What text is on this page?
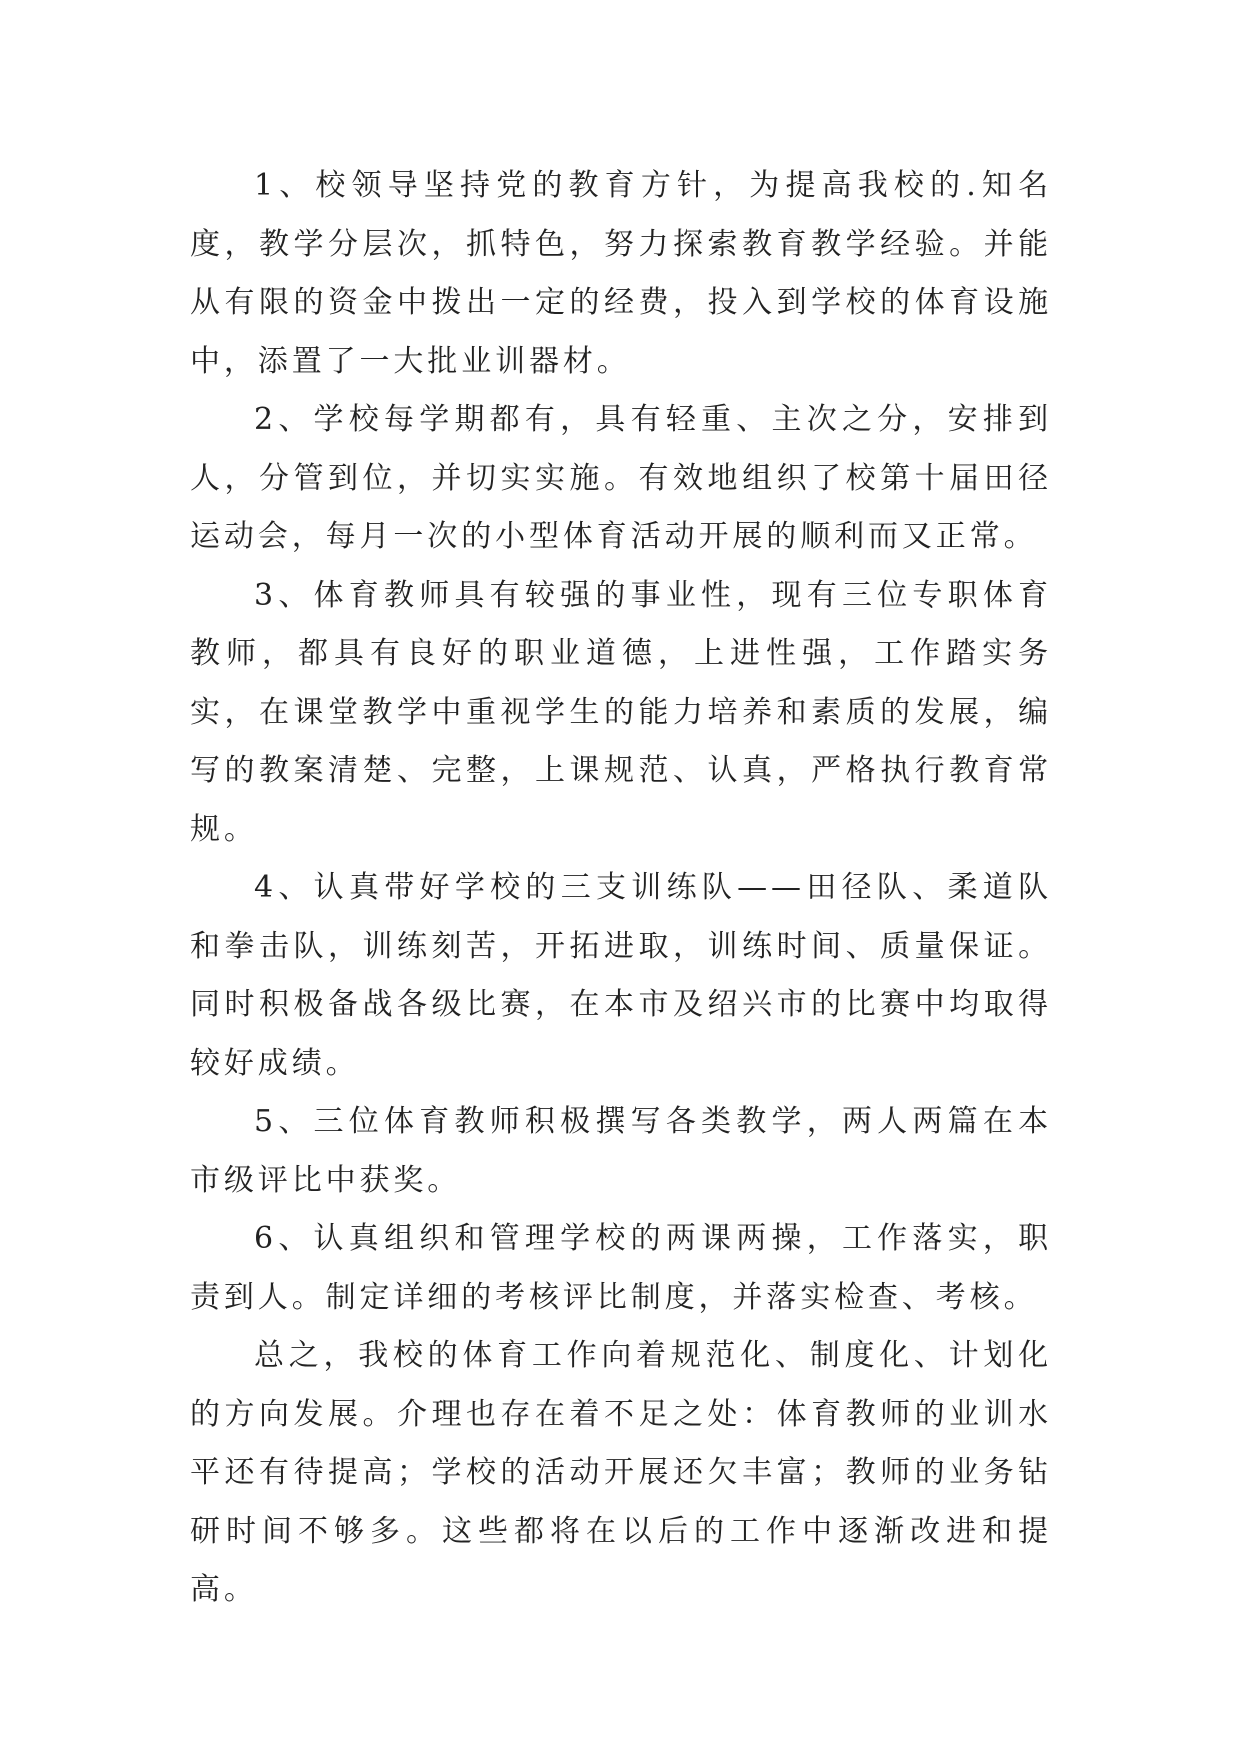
1、校领导坚持党的教育方针，为提高我校的.知名度，教学分层次，抓特色，努力探索教育教学经验。并能从有限的资金中拨出一定的经费，投入到学校的体育设施中，添置了一大批业训器材。

2、学校每学期都有，具有轻重、主次之分，安排到人，分管到位，并切实实施。有效地组织了校第十届田径运动会，每月一次的小型体育活动开展的顺利而又正常。

3、体育教师具有较强的事业性，现有三位专职体育教师，都具有良好的职业道德，上进性强，工作踏实务实，在课堂教学中重视学生的能力培养和素质的发展，编写的教案清楚、完整，上课规范、认真，严格执行教育常规。

4、认真带好学校的三支训练队——田径队、柔道队和拳击队，训练刻苦，开拓进取，训练时间、质量保证。同时积极备战各级比赛，在本市及绍兴市的比赛中均取得较好成绩。

5、三位体育教师积极撰写各类教学，两人两篇在本市级评比中获奖。

6、认真组织和管理学校的两课两操，工作落实，职责到人。制定详细的考核评比制度，并落实检查、考核。

总之，我校的体育工作向着规范化、制度化、计划化的方向发展。介理也存在着不足之处：体育教师的业训水平还有待提高；学校的活动开展还欠丰富；教师的业务钻研时间不够多。这些都将在以后的工作中逐渐改进和提高。
